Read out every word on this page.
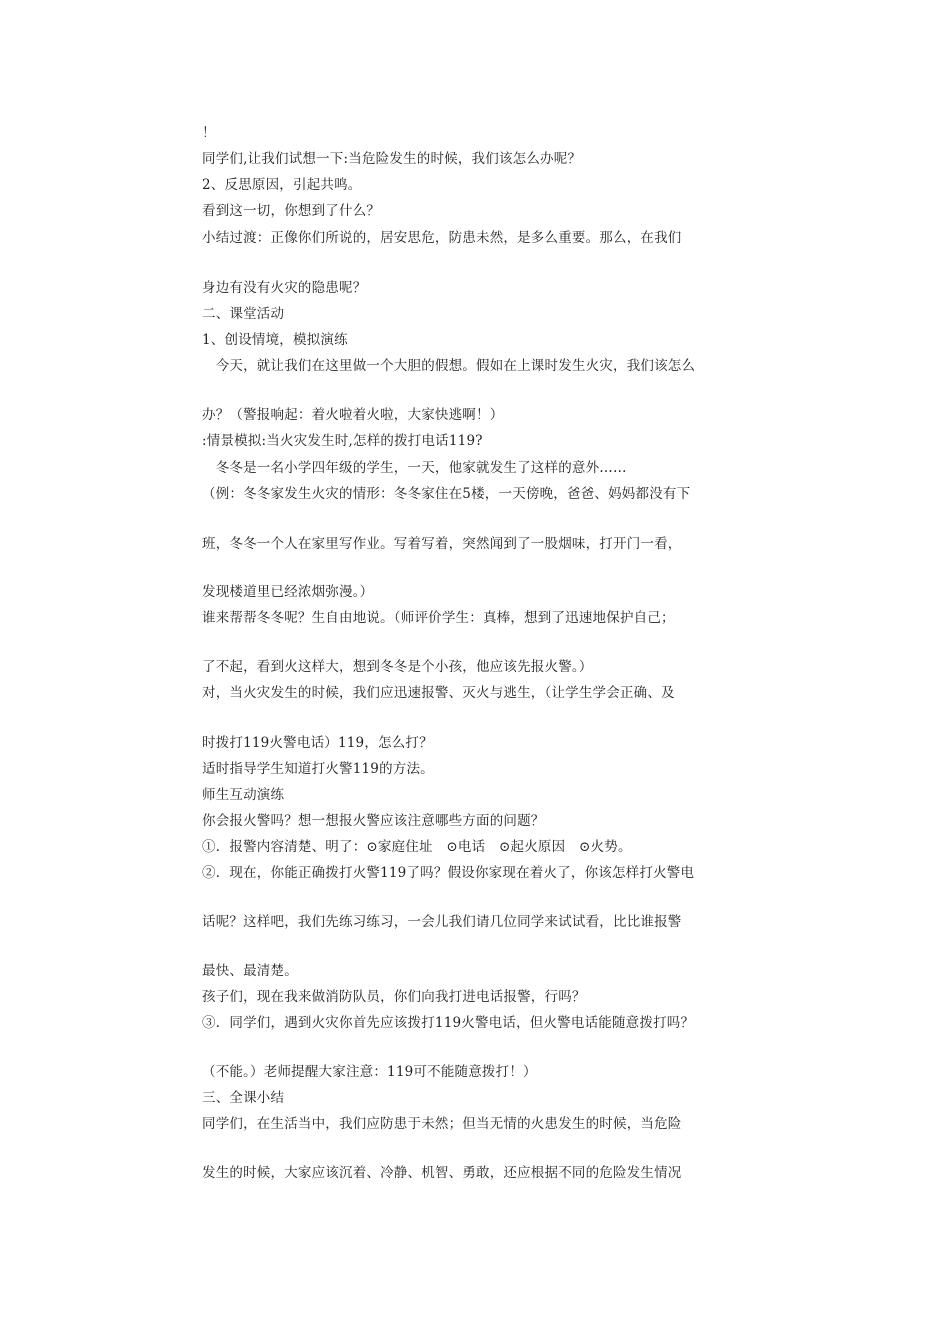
！
同学们,让我们试想一下:当危险发生的时候，我们该怎么办呢？
2、反思原因，引起共鸣。
看到这一切，你想到了什么？
小结过渡：正像你们所说的，居安思危，防患未然，是多么重要。那么，在我们
身边有没有火灾的隐患呢？
二、课堂活动
1、创设情境，模拟演练
　今天，就让我们在这里做一个大胆的假想。假如在上课时发生火灾，我们该怎么
办？（警报响起：着火啦着火啦，大家快逃啊！）
:情景模拟:当火灾发生时,怎样的拨打电话119?
　冬冬是一名小学四年级的学生，一天，他家就发生了这样的意外……
（例：冬冬家发生火灾的情形：冬冬家住在5楼，一天傍晚，爸爸、妈妈都没有下
班，冬冬一个人在家里写作业。写着写着，突然闻到了一股烟味，打开门一看，
发现楼道里已经浓烟弥漫。）
谁来帮帮冬冬呢？生自由地说。（师评价学生：真棒，想到了迅速地保护自己；
了不起，看到火这样大，想到冬冬是个小孩，他应该先报火警。）
对，当火灾发生的时候，我们应迅速报警、灭火与逃生，（让学生学会正确、及
时拨打119火警电话）119，怎么打？
适时指导学生知道打火警119的方法。
师生互动演练
你会报火警吗？想一想报火警应该注意哪些方面的问题？
①．报警内容清楚、明了：⊙家庭住址　⊙电话　⊙起火原因　⊙火势。
②．现在，你能正确拨打火警119了吗？假设你家现在着火了，你该怎样打火警电
话呢？这样吧，我们先练习练习，一会儿我们请几位同学来试试看，比比谁报警
最快、最清楚。
孩子们，现在我来做消防队员，你们向我打进电话报警，行吗？
③．同学们，遇到火灾你首先应该拨打119火警电话，但火警电话能随意拨打吗？
（不能。）老师提醒大家注意：119可不能随意拨打！）
三、全课小结
同学们，在生活当中，我们应防患于未然；但当无情的火患发生的时候，当危险
发生的时候，大家应该沉着、冷静、机智、勇敢，还应根据不同的危险发生情况
